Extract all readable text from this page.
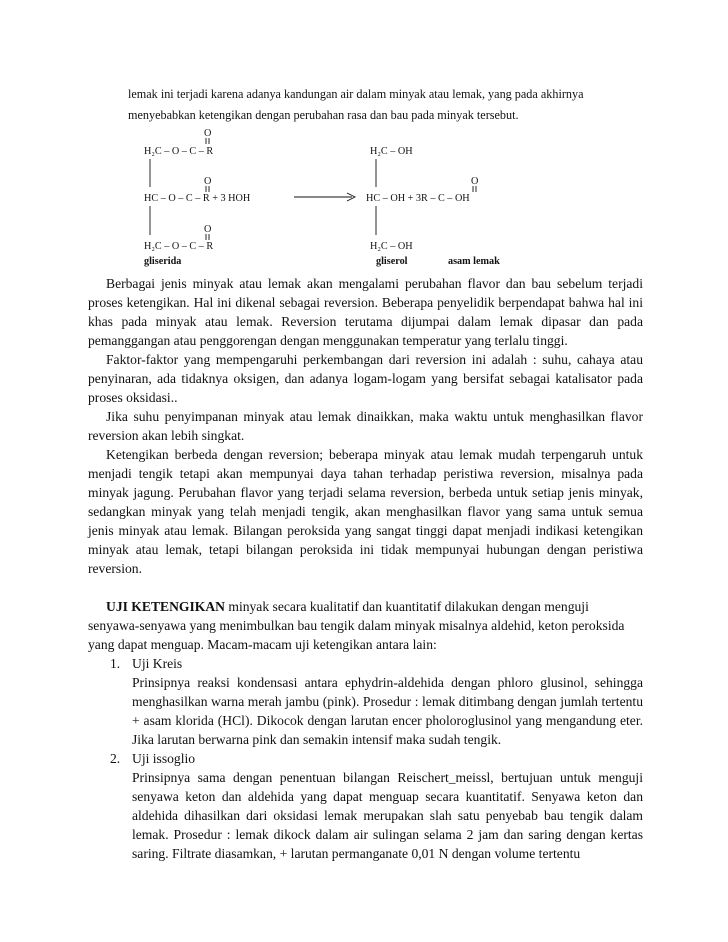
lemak ini terjadi karena adanya kandungan air dalam minyak atau lemak, yang pada akhirnya

menyebabkan ketengikan dengan perubahan rasa dan bau pada minyak tersebut.

O
H₂C – O – C – R
O
HC – O – C – R + 3 HOH
O
H₂C – O – C – R
gliserida
H₂C – OH
O
HC – OH + 3R – C – OH
H₂C – OH
gliserol	asam lemak

Berbagai jenis minyak atau lemak akan mengalami perubahan flavor dan bau sebelum terjadi proses ketengikan. Hal ini dikenal sebagai reversion. Beberapa penyelidik berpendapat bahwa hal ini khas pada minyak atau lemak. Reversion terutama dijumpai dalam lemak dipasar dan pada pemanggangan atau penggorengan dengan menggunakan temperatur yang terlalu tinggi.

Faktor-faktor yang mempengaruhi perkembangan dari reversion ini adalah : suhu, cahaya atau penyinaran, ada tidaknya oksigen, dan adanya logam-logam yang bersifat sebagai katalisator pada proses oksidasi..

Jika suhu penyimpanan minyak atau lemak dinaikkan, maka waktu untuk menghasilkan flavor reversion akan lebih singkat.

Ketengikan berbeda dengan reversion; beberapa minyak atau lemak mudah terpengaruh untuk menjadi tengik tetapi akan mempunyai daya tahan terhadap peristiwa reversion, misalnya pada minyak jagung. Perubahan flavor yang terjadi selama reversion, berbeda untuk setiap jenis minyak, sedangkan minyak yang telah menjadi tengik, akan menghasilkan flavor yang sama untuk semua jenis minyak atau lemak. Bilangan peroksida yang sangat tinggi dapat menjadi indikasi ketengikan minyak atau lemak, tetapi bilangan peroksida ini tidak mempunyai hubungan dengan peristiwa reversion.

UJI KETENGIKAN minyak secara kualitatif dan kuantitatif dilakukan dengan menguji senyawa-senyawa yang menimbulkan bau tengik dalam minyak misalnya aldehid, keton peroksida yang dapat menguap. Macam-macam uji ketengikan antara lain:

1. Uji Kreis
Prinsipnya reaksi kondensasi antara ephydrin-aldehida dengan phloro glusinol, sehingga menghasilkan warna merah jambu (pink). Prosedur : lemak ditimbang dengan jumlah tertentu + asam klorida (HCl). Dikocok dengan larutan encer pholoroglusinol yang mengandung eter. Jika larutan berwarna pink dan semakin intensif maka sudah tengik.
2. Uji issoglio
Prinsipnya sama dengan penentuan bilangan Reischert_meissl, bertujuan untuk menguji senyawa keton dan aldehida yang dapat menguap secara kuantitatif. Senyawa keton dan aldehida dihasilkan dari oksidasi lemak merupakan slah satu penyebab bau tengik dalam lemak. Prosedur : lemak dikock dalam air sulingan selama 2 jam dan saring dengan kertas saring. Filtrate diasamkan, + larutan permanganate 0,01 N dengan volume tertentu
